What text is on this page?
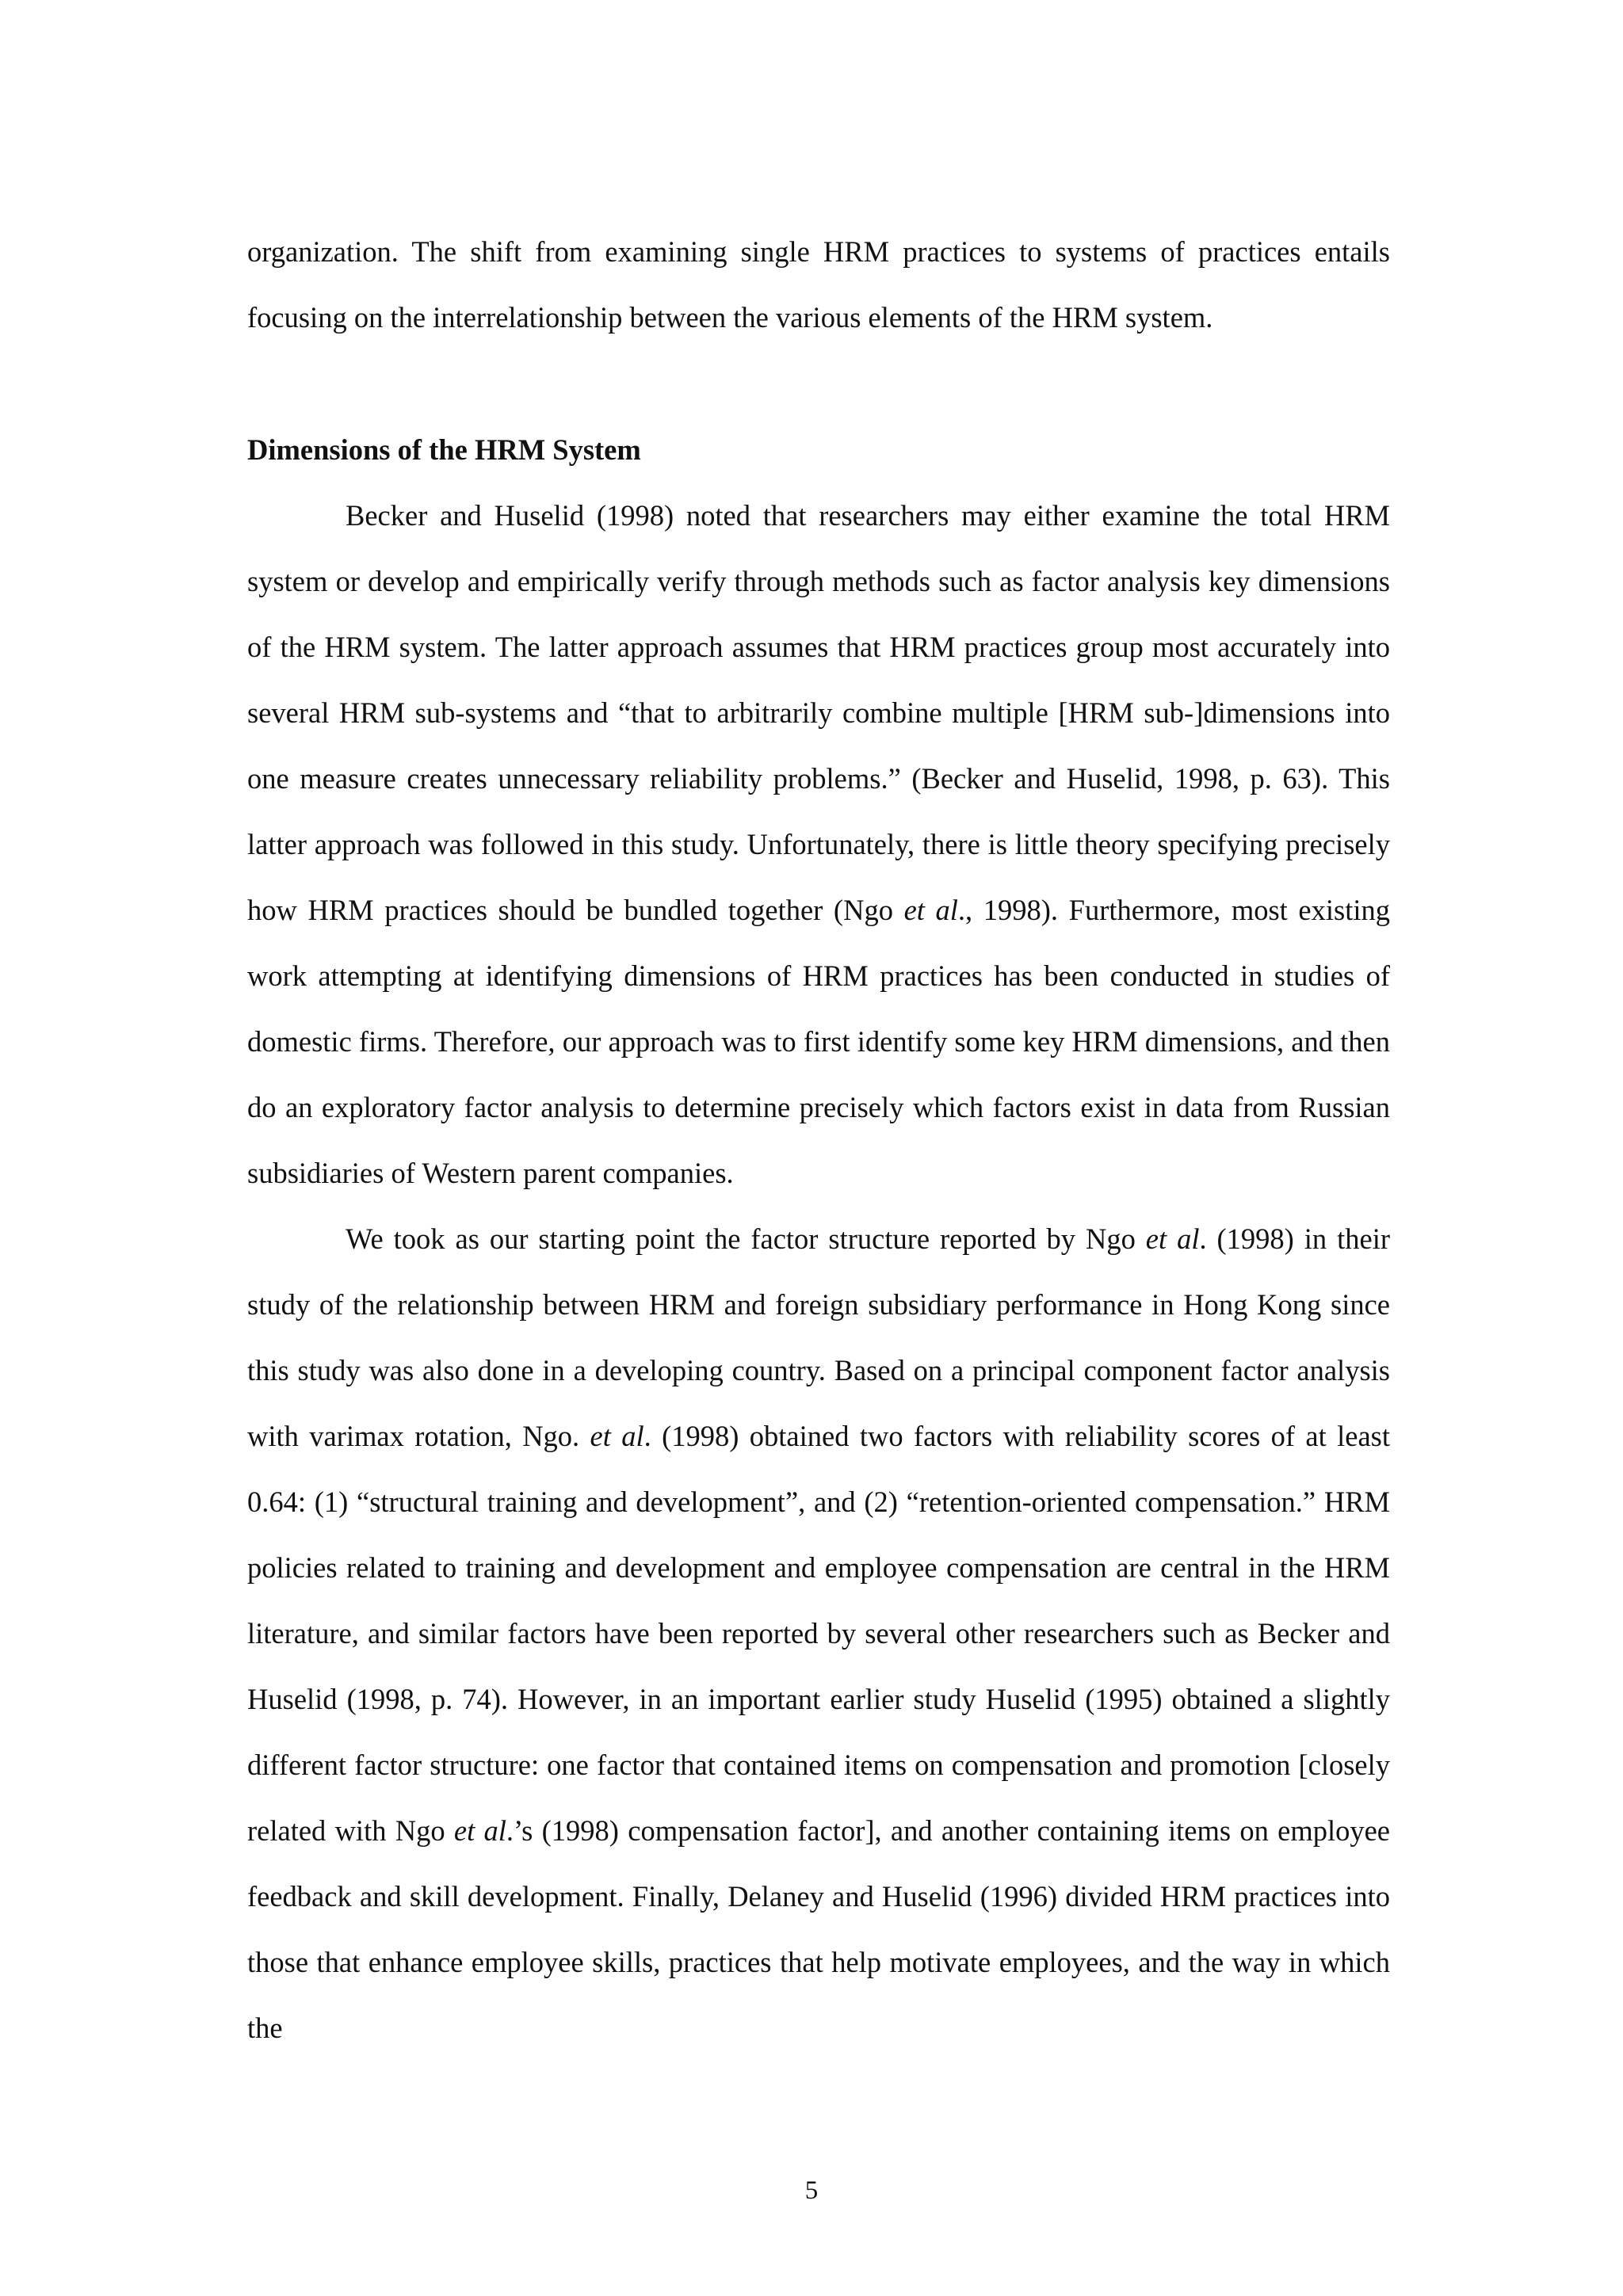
organization. The shift from examining single HRM practices to systems of practices entails focusing on the interrelationship between the various elements of the HRM system.

Dimensions of the HRM System

Becker and Huselid (1998) noted that researchers may either examine the total HRM system or develop and empirically verify through methods such as factor analysis key dimensions of the HRM system. The latter approach assumes that HRM practices group most accurately into several HRM sub-systems and “that to arbitrarily combine multiple [HRM sub-]dimensions into one measure creates unnecessary reliability problems.” (Becker and Huselid, 1998, p. 63). This latter approach was followed in this study. Unfortunately, there is little theory specifying precisely how HRM practices should be bundled together (Ngo et al., 1998). Furthermore, most existing work attempting at identifying dimensions of HRM practices has been conducted in studies of domestic firms. Therefore, our approach was to first identify some key HRM dimensions, and then do an exploratory factor analysis to determine precisely which factors exist in data from Russian subsidiaries of Western parent companies.

We took as our starting point the factor structure reported by Ngo et al. (1998) in their study of the relationship between HRM and foreign subsidiary performance in Hong Kong since this study was also done in a developing country. Based on a principal component factor analysis with varimax rotation, Ngo. et al. (1998) obtained two factors with reliability scores of at least 0.64: (1) “structural training and development”, and (2) “retention-oriented compensation.” HRM policies related to training and development and employee compensation are central in the HRM literature, and similar factors have been reported by several other researchers such as Becker and Huselid (1998, p. 74). However, in an important earlier study Huselid (1995) obtained a slightly different factor structure: one factor that contained items on compensation and promotion [closely related with Ngo et al.’s (1998) compensation factor], and another containing items on employee feedback and skill development. Finally, Delaney and Huselid (1996) divided HRM practices into those that enhance employee skills, practices that help motivate employees, and the way in which the

5
